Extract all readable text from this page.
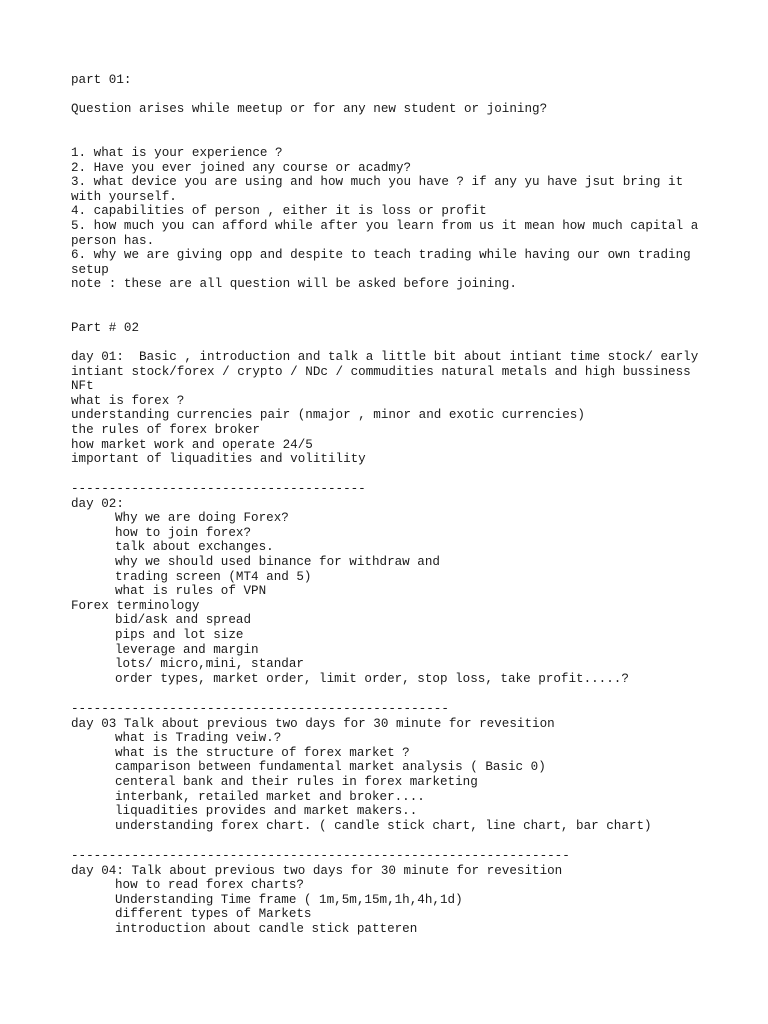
part 01:
Question arises while meetup or for any new student or joining?
1. what is your experience ?
2. Have you ever joined any course or acadmy?
3. what device you are using and how much you have ? if any yu have jsut bring it
with yourself.
4. capabilities of person , either it is loss or profit
5. how much you can afford while after you learn from us it mean how much capital a
person has.
6. why we are giving opp and despite to teach trading while having our own trading
setup
note : these are all question will be asked before joining.
Part # 02
day 01:  Basic , introduction and talk a little bit about intiant time stock/ early
intiant stock/forex / crypto / NDc / commudities natural metals and high bussiness
NFt
what is forex ?
understanding currencies pair (nmajor , minor and exotic currencies)
the rules of forex broker
how market work and operate 24/5
important of liquadities and volitility
---------------------------------------
day 02:
Why we are doing Forex?
how to join forex?
talk about exchanges.
why we should used binance for withdraw and
trading screen (MT4 and 5)
what is rules of VPN
Forex terminology
bid/ask and spread
pips and lot size
leverage and margin
lots/ micro,mini, standar
order types, market order, limit order, stop loss, take profit.....?
--------------------------------------------------
day 03 Talk about previous two days for 30 minute for revesition
what is Trading veiw.?
what is the structure of forex market ?
camparison between fundamental market analysis ( Basic 0)
centeral bank and their rules in forex marketing
interbank, retailed market and broker....
liquadities provides and market makers..
understanding forex chart. ( candle stick chart, line chart, bar chart)
------------------------------------------------------------------
day 04: Talk about previous two days for 30 minute for revesition
how to read forex charts?
Understanding Time frame ( 1m,5m,15m,1h,4h,1d)
different types of Markets
introduction about candle stick patteren
